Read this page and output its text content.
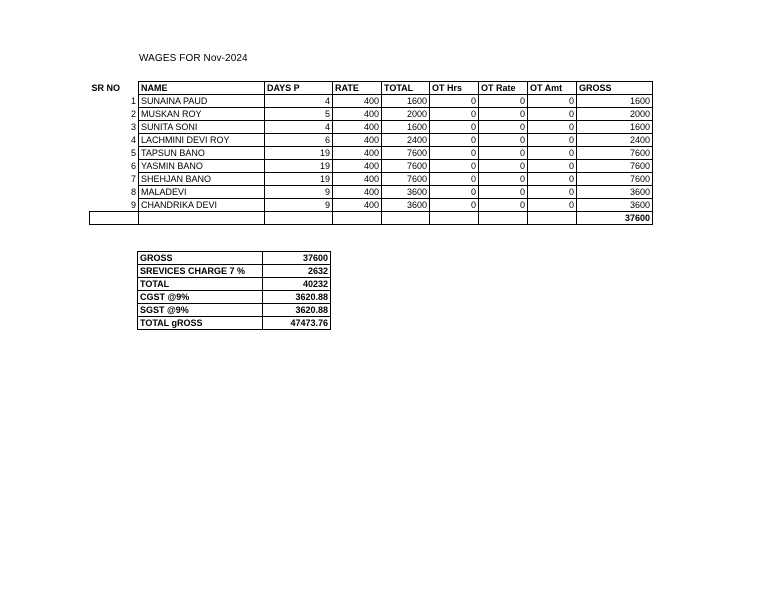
WAGES FOR Nov-2024
SR NO	NAME	DAYS P	RATE	TOTAL	OT Hrs	OT Rate	OT Amt	GROSS
1	SUNAINA PAUD	4	400	1600	0	0	0	1600
2	MUSKAN ROY	5	400	2000	0	0	0	2000
3	SUNITA SONI	4	400	1600	0	0	0	1600
4	LACHMINI DEVI ROY	6	400	2400	0	0	0	2400
5	TAPSUN BANO	19	400	7600	0	0	0	7600
6	YASMIN BANO	19	400	7600	0	0	0	7600
7	SHEHJAN BANO	19	400	7600	0	0	0	7600
8	MALADEVI	9	400	3600	0	0	0	3600
9	CHANDRIKA DEVI	9	400	3600	0	0	0	3600
								37600
GROSS	37600
SREVICES CHARGE 7 %	2632
TOTAL	40232
CGST @9%	3620.88
SGST @9%	3620.88
TOTAL gROSS	47473.76
